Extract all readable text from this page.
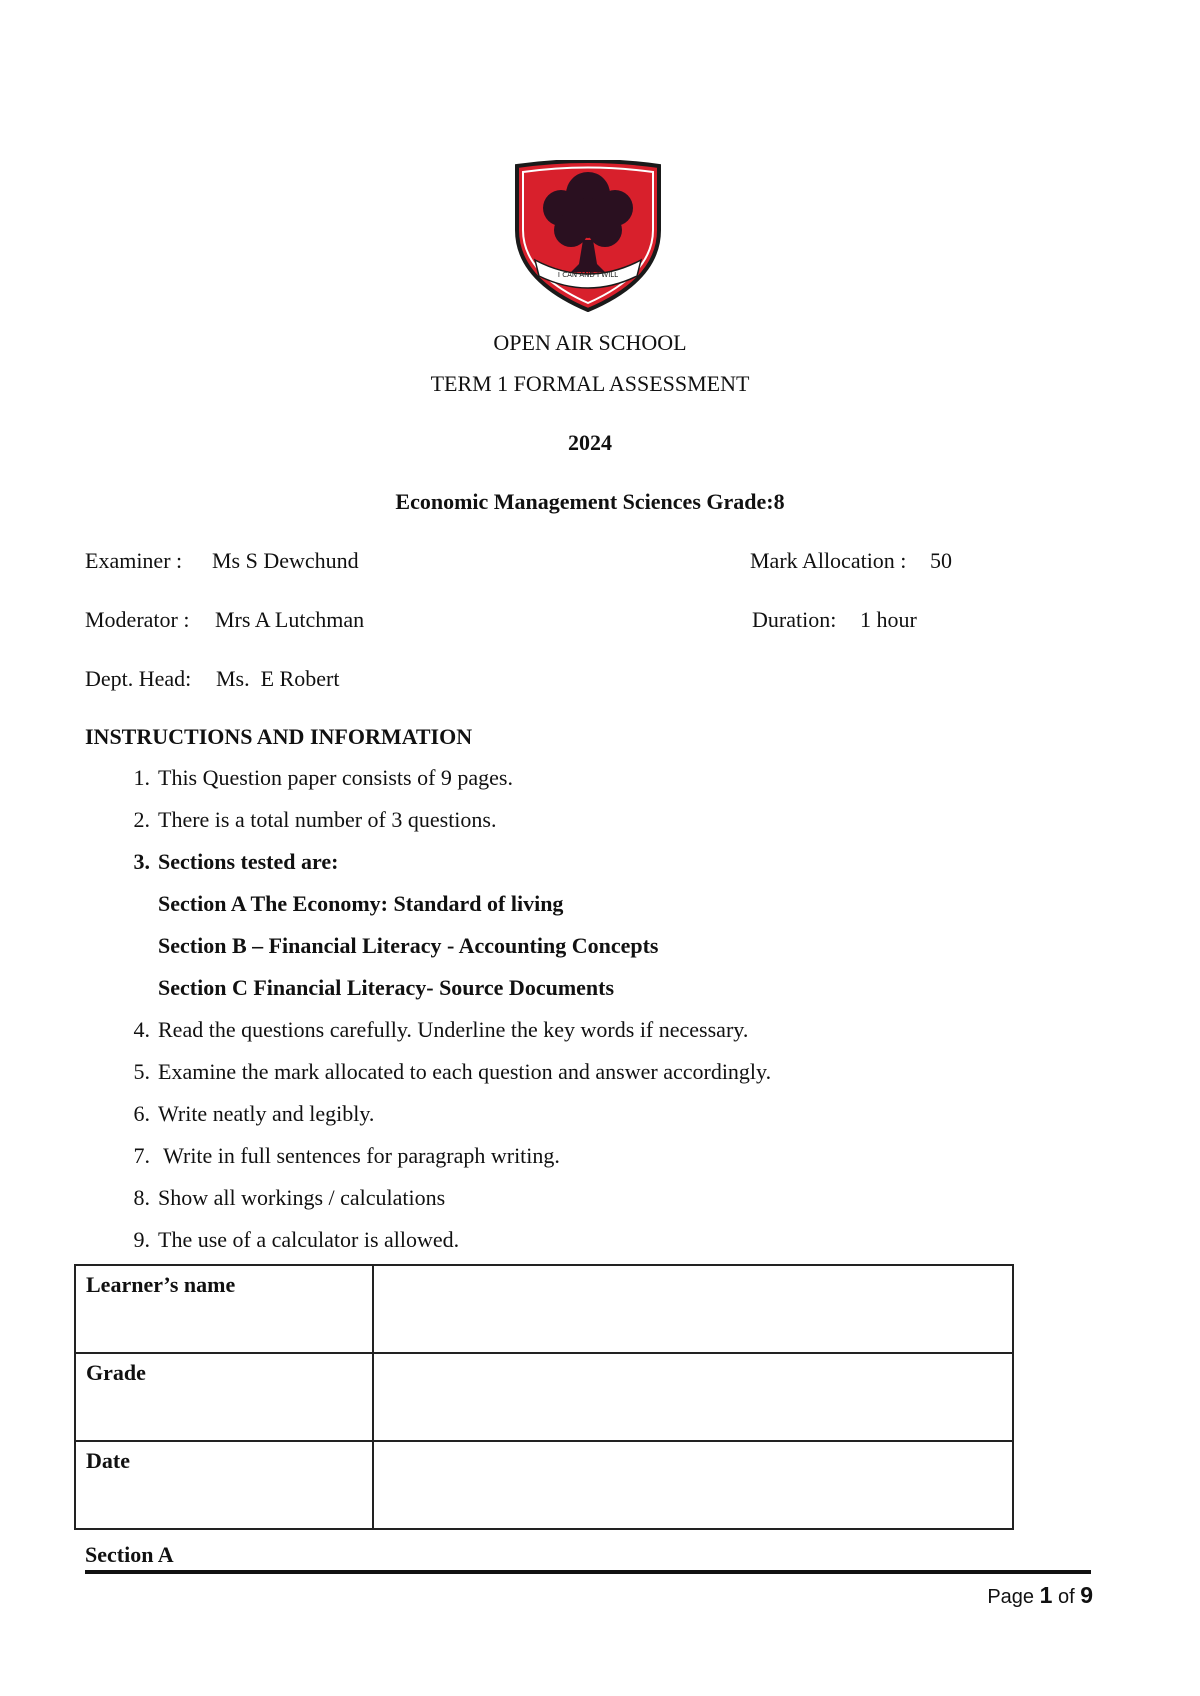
I CAN AND I WILL
OPEN AIR SCHOOL
TERM 1 FORMAL ASSESSMENT
2024
Economic Management Sciences Grade:8
Examiner : Ms S Dewchund	Mark Allocation : 50
Moderator : Mrs A Lutchman	Duration: 1 hour
Dept. Head: Ms.  E Robert
INSTRUCTIONS AND INFORMATION
1. This Question paper consists of 9 pages.
2. There is a total number of 3 questions.
3. Sections tested are:
Section A The Economy: Standard of living
Section B – Financial Literacy - Accounting Concepts
Section C Financial Literacy- Source Documents
4. Read the questions carefully. Underline the key words if necessary.
5. Examine the mark allocated to each question and answer accordingly.
6. Write neatly and legibly.
7. Write in full sentences for paragraph writing.
8. Show all workings / calculations
9. The use of a calculator is allowed.
Learner’s name	
Grade	
Date	
Section A
Page 1 of 9
